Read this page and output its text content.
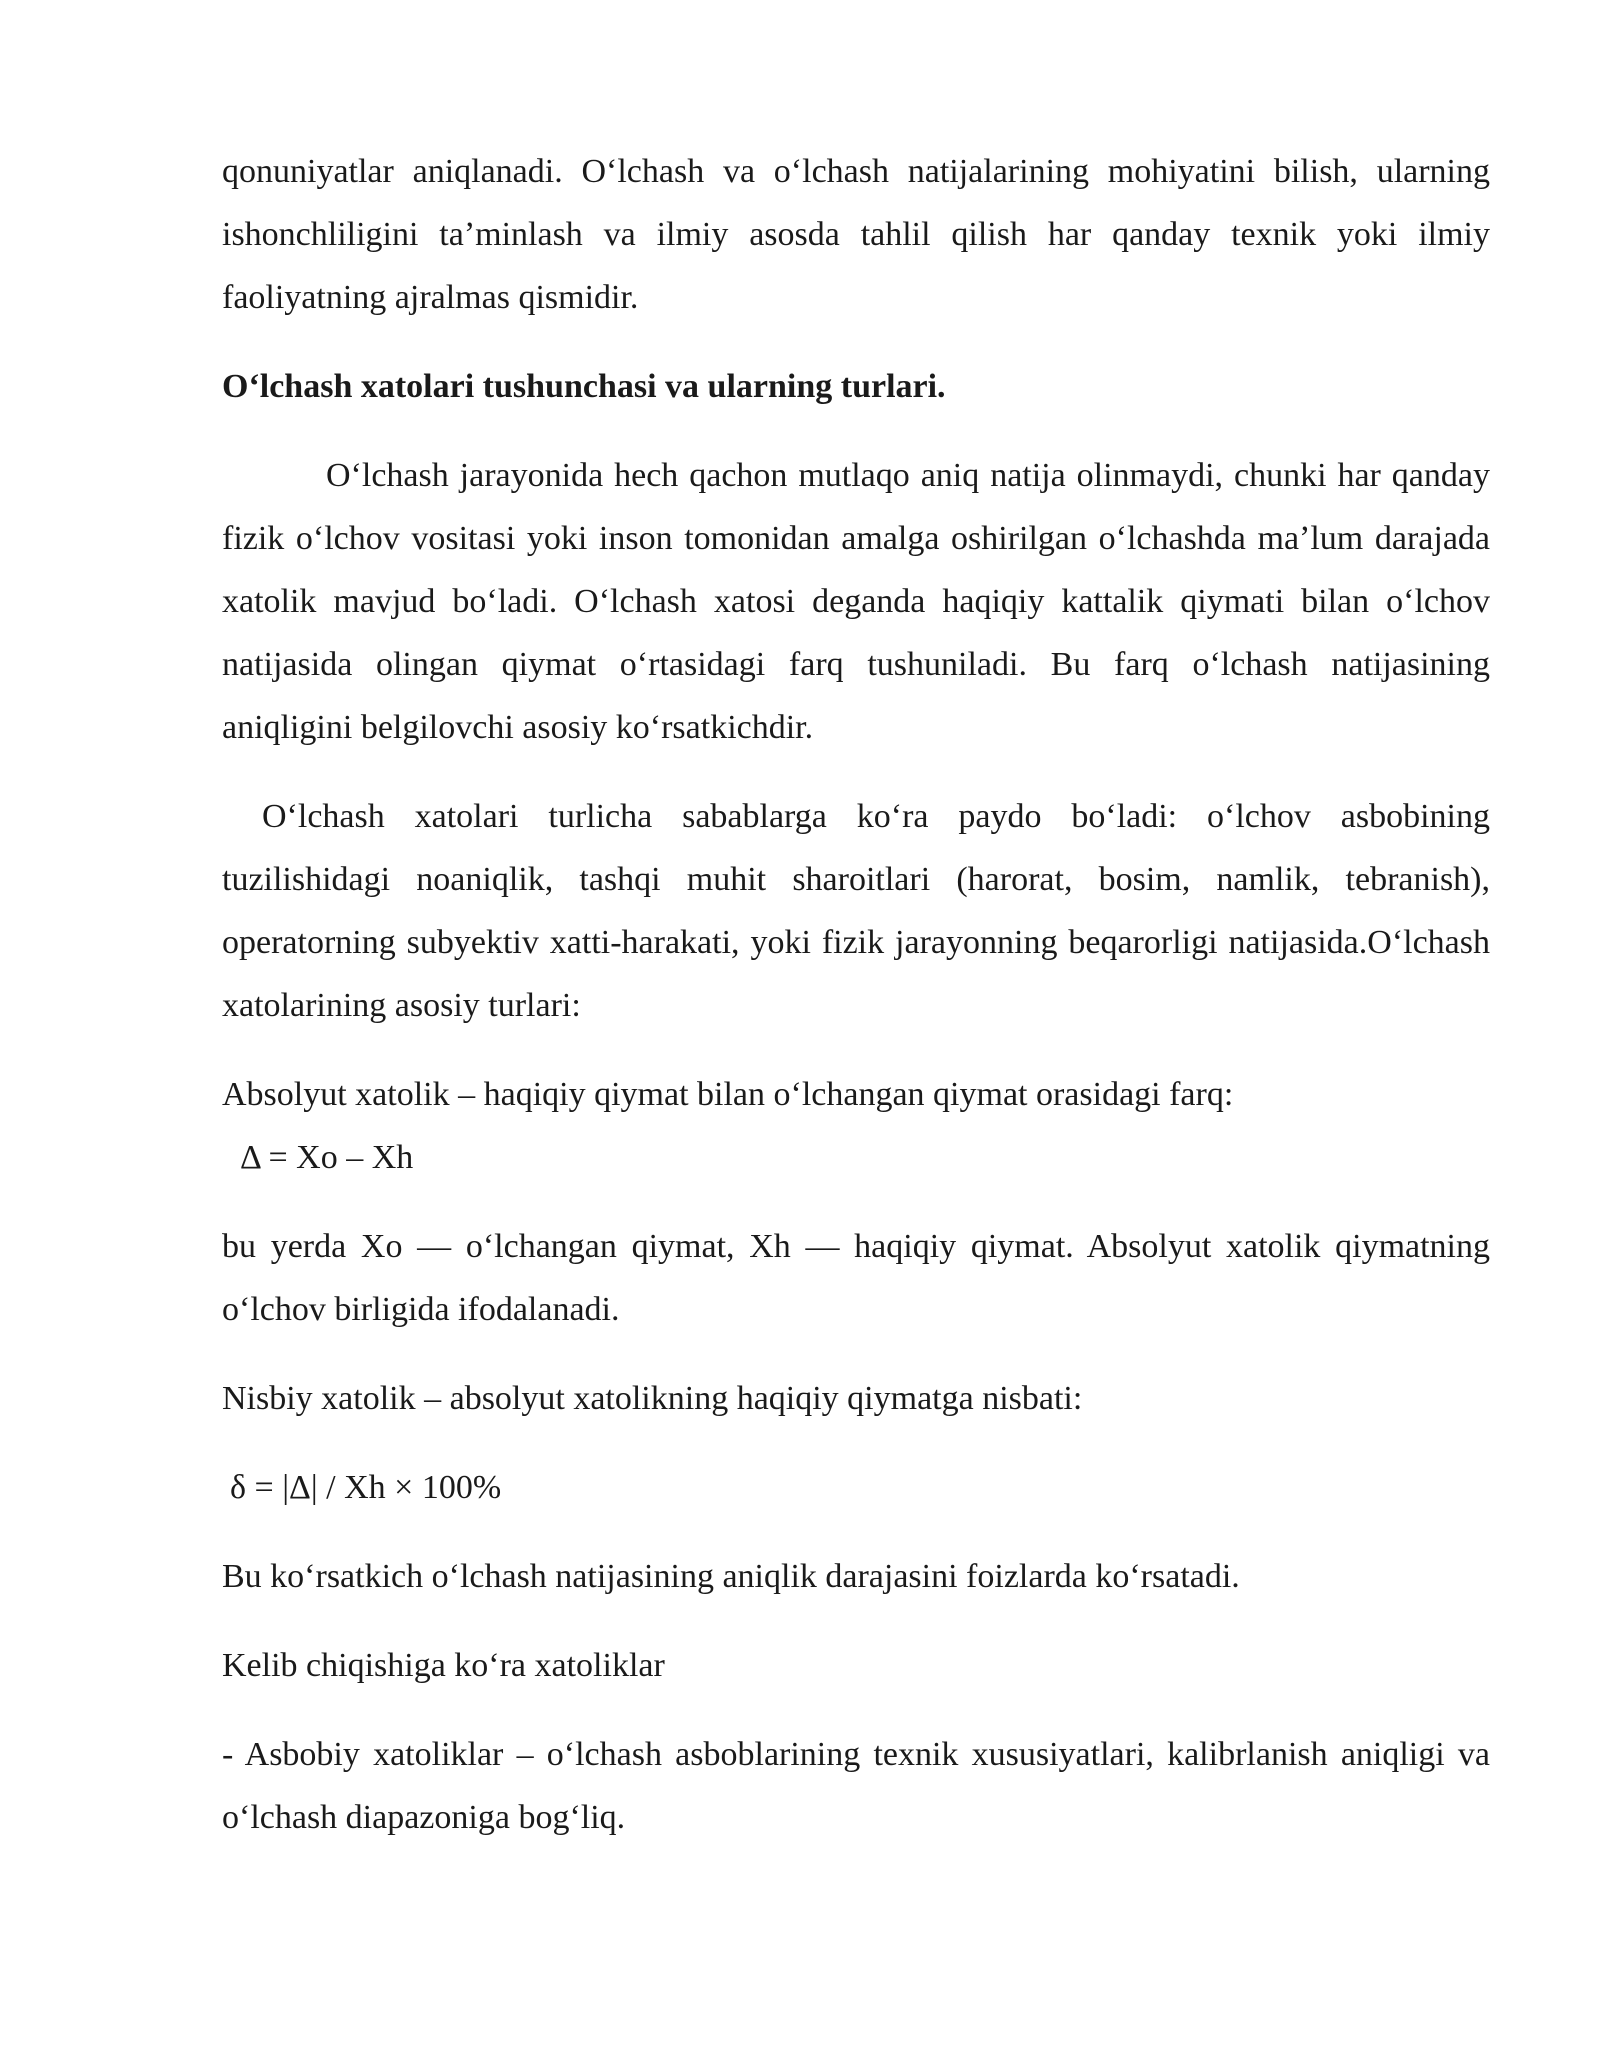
qonuniyatlar aniqlanadi. Oʻlchash va oʻlchash natijalarining mohiyatini bilish, ularning ishonchliligini taʼminlash va ilmiy asosda tahlil qilish har qanday texnik yoki ilmiy faoliyatning ajralmas qismidir.

Oʻlchash xatolari tushunchasi va ularning turlari.

Oʻlchash jarayonida hech qachon mutlaqo aniq natija olinmaydi, chunki har qanday fizik oʻlchov vositasi yoki inson tomonidan amalga oshirilgan oʻlchashda maʼlum darajada xatolik mavjud boʻladi. Oʻlchash xatosi deganda haqiqiy kattalik qiymati bilan oʻlchov natijasida olingan qiymat oʻrtasidagi farq tushuniladi. Bu farq oʻlchash natijasining aniqligini belgilovchi asosiy koʻrsatkichdir.

Oʻlchash xatolari turlicha sabablarga koʻra paydo boʻladi: oʻlchov asbobining tuzilishidagi noaniqlik, tashqi muhit sharoitlari (harorat, bosim, namlik, tebranish), operatorning subyektiv xatti-harakati, yoki fizik jarayonning beqarorligi natijasida.Oʻlchash xatolarining asosiy turlari:

Absolyut xatolik – haqiqiy qiymat bilan oʻlchangan qiymat orasidagi farq:
Δ = Xo – Xh

bu yerda Xo — oʻlchangan qiymat, Xh — haqiqiy qiymat. Absolyut xatolik qiymatning oʻlchov birligida ifodalanadi.

Nisbiy xatolik – absolyut xatolikning haqiqiy qiymatga nisbati:

δ = |Δ| / Xh × 100%

Bu koʻrsatkich oʻlchash natijasining aniqlik darajasini foizlarda koʻrsatadi.

Kelib chiqishiga koʻra xatoliklar

- Asbobiy xatoliklar – oʻlchash asboblarining texnik xususiyatlari, kalibrlanish aniqligi va oʻlchash diapazoniga bogʻliq.
